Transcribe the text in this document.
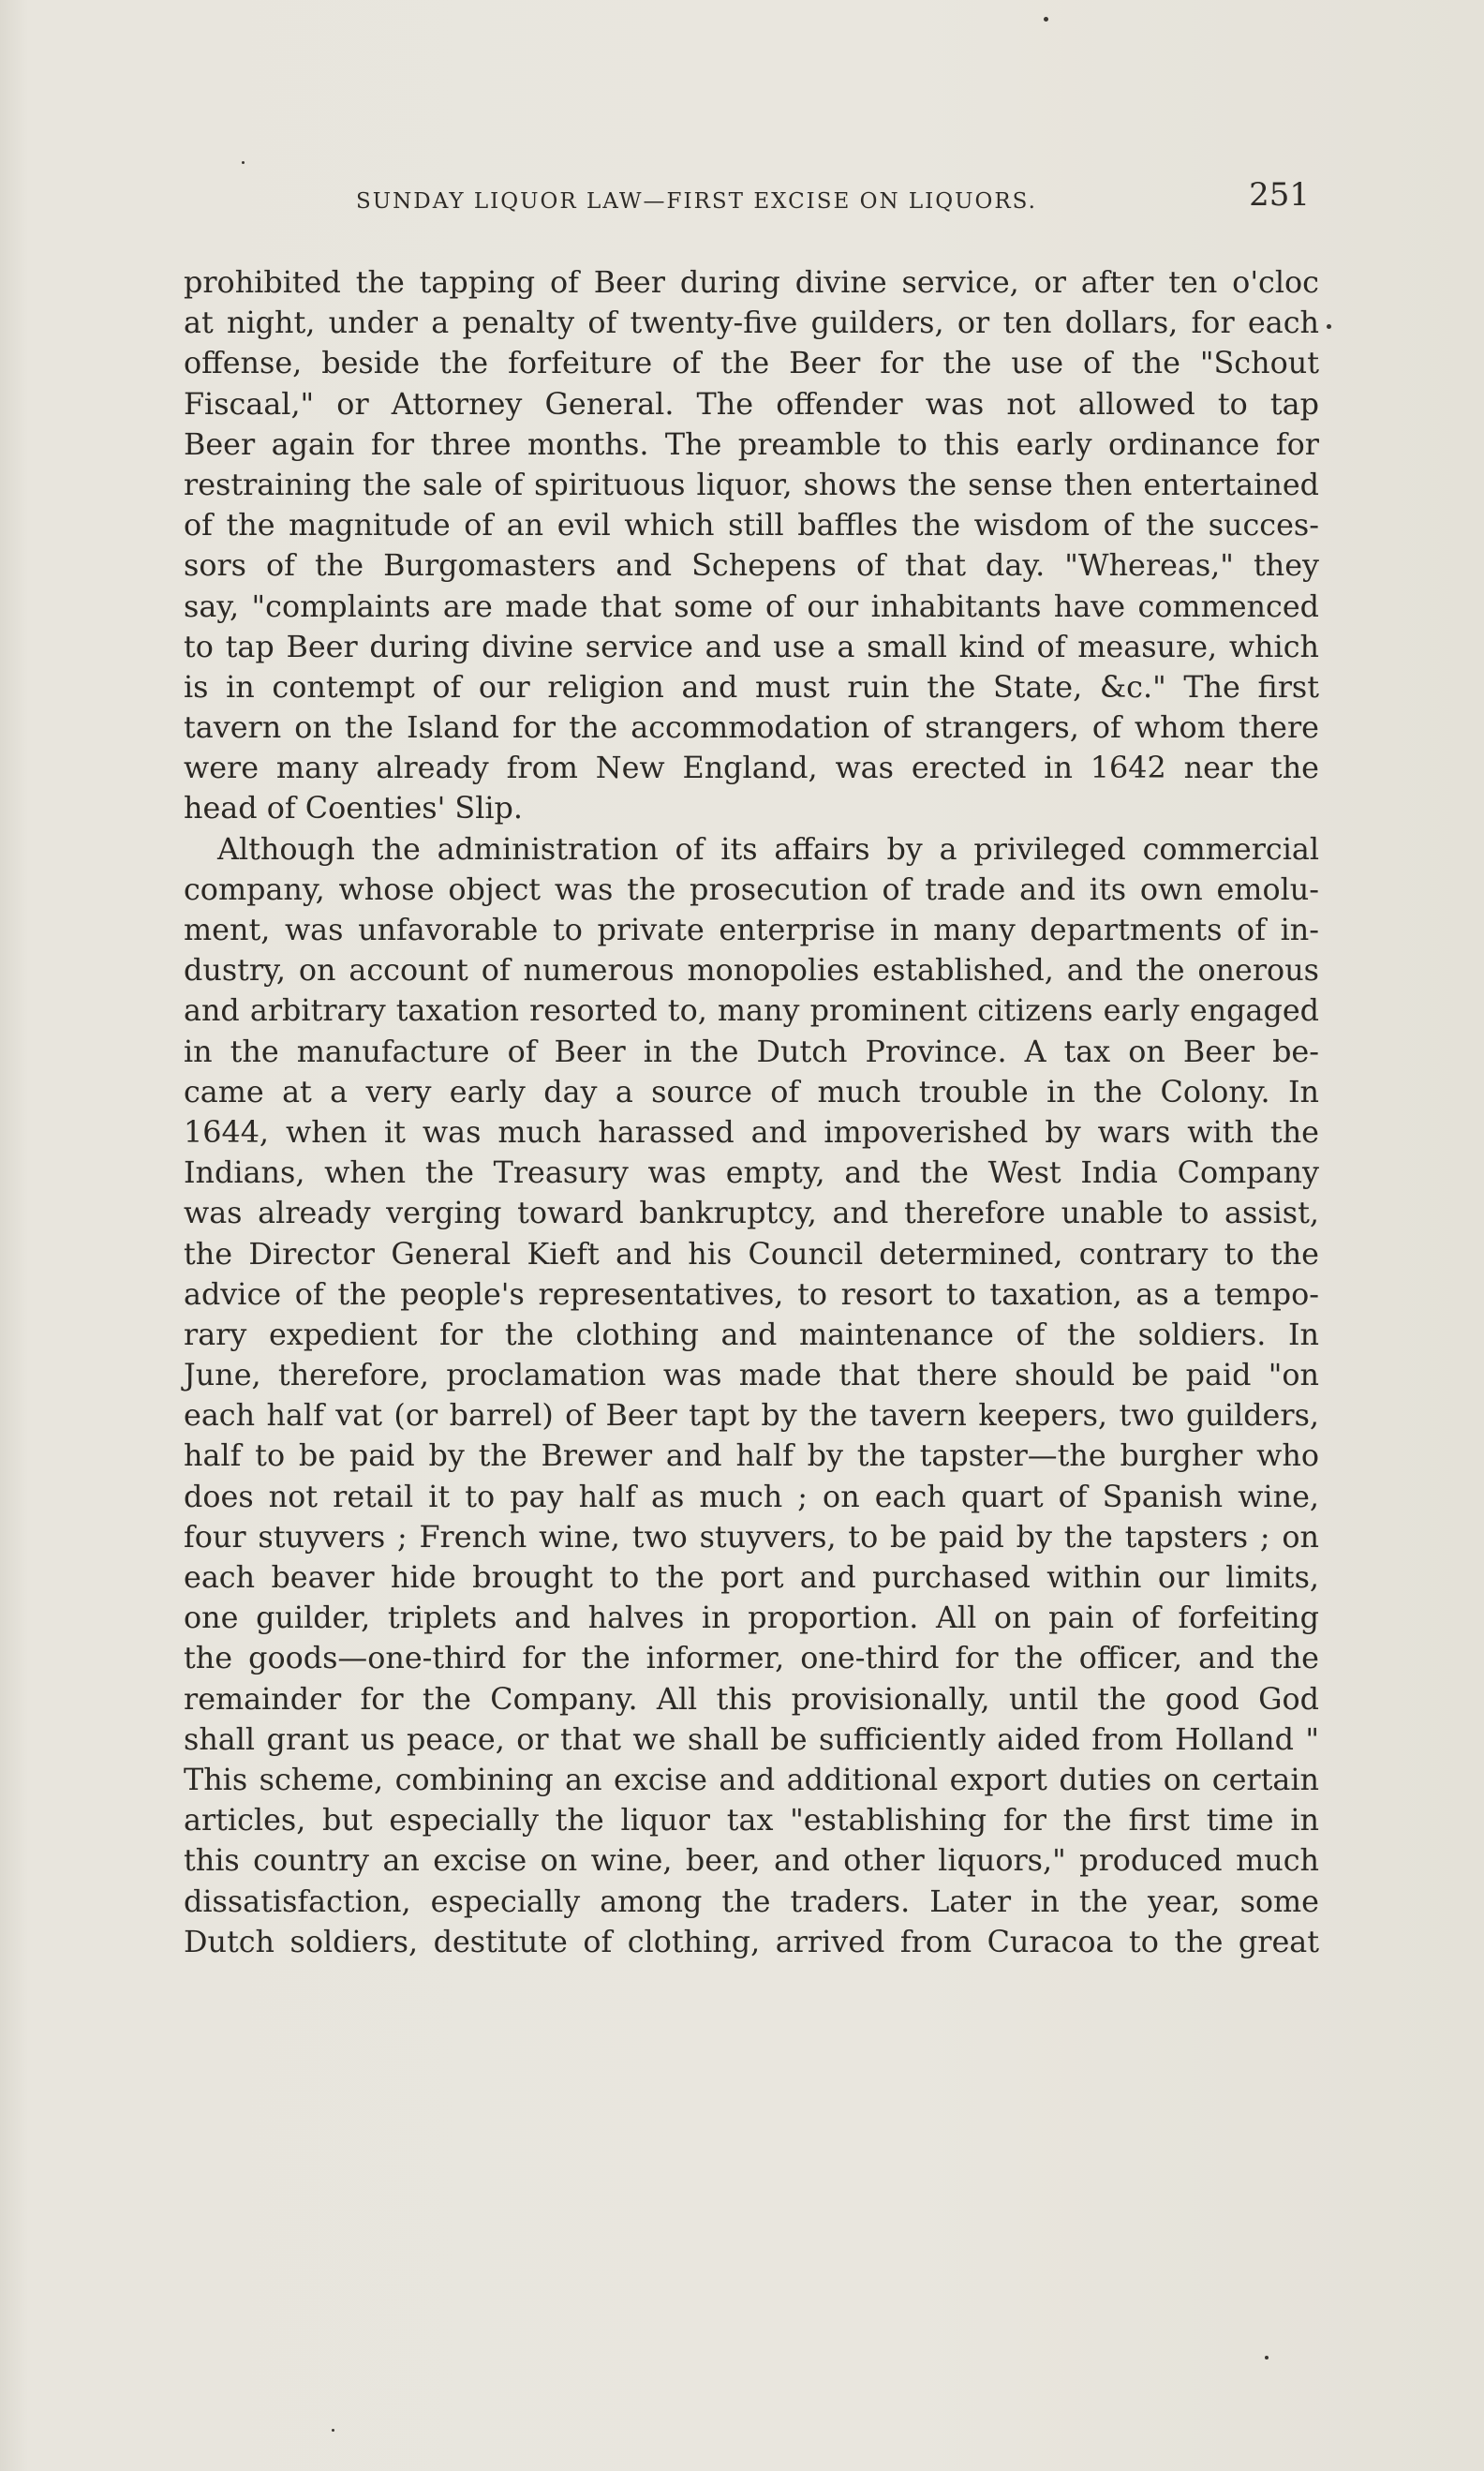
SUNDAY LIQUOR LAW—FIRST EXCISE ON LIQUORS.	251
prohibited the tapping of Beer during divine service, or after ten o'cloc
at night, under a penalty of twenty-five guilders, or ten dollars, for each
offense, beside the forfeiture of the Beer for the use of the "Schout
Fiscaal," or Attorney General. The offender was not allowed to tap
Beer again for three months. The preamble to this early ordinance for
restraining the sale of spirituous liquor, shows the sense then entertained
of the magnitude of an evil which still baffles the wisdom of the succes-
sors of the Burgomasters and Schepens of that day. "Whereas," they
say, "complaints are made that some of our inhabitants have commenced
to tap Beer during divine service and use a small kind of measure, which
is in contempt of our religion and must ruin the State, &c." The first
tavern on the Island for the accommodation of strangers, of whom there
were many already from New England, was erected in 1642 near the
head of Coenties' Slip.
Although the administration of its affairs by a privileged commercial
company, whose object was the prosecution of trade and its own emolu-
ment, was unfavorable to private enterprise in many departments of in-
dustry, on account of numerous monopolies established, and the onerous
and arbitrary taxation resorted to, many prominent citizens early engaged
in the manufacture of Beer in the Dutch Province. A tax on Beer be-
came at a very early day a source of much trouble in the Colony. In
1644, when it was much harassed and impoverished by wars with the
Indians, when the Treasury was empty, and the West India Company
was already verging toward bankruptcy, and therefore unable to assist,
the Director General Kieft and his Council determined, contrary to the
advice of the people's representatives, to resort to taxation, as a tempo-
rary expedient for the clothing and maintenance of the soldiers. In
June, therefore, proclamation was made that there should be paid "on
each half vat (or barrel) of Beer tapt by the tavern keepers, two guilders,
half to be paid by the Brewer and half by the tapster—the burgher who
does not retail it to pay half as much ; on each quart of Spanish wine,
four stuyvers ; French wine, two stuyvers, to be paid by the tapsters ; on
each beaver hide brought to the port and purchased within our limits,
one guilder, triplets and halves in proportion. All on pain of forfeiting
the goods—one-third for the informer, one-third for the officer, and the
remainder for the Company. All this provisionally, until the good God
shall grant us peace, or that we shall be sufficiently aided from Holland "
This scheme, combining an excise and additional export duties on certain
articles, but especially the liquor tax "establishing for the first time in
this country an excise on wine, beer, and other liquors," produced much
dissatisfaction, especially among the traders. Later in the year, some
Dutch soldiers, destitute of clothing, arrived from Curacoa to the great
